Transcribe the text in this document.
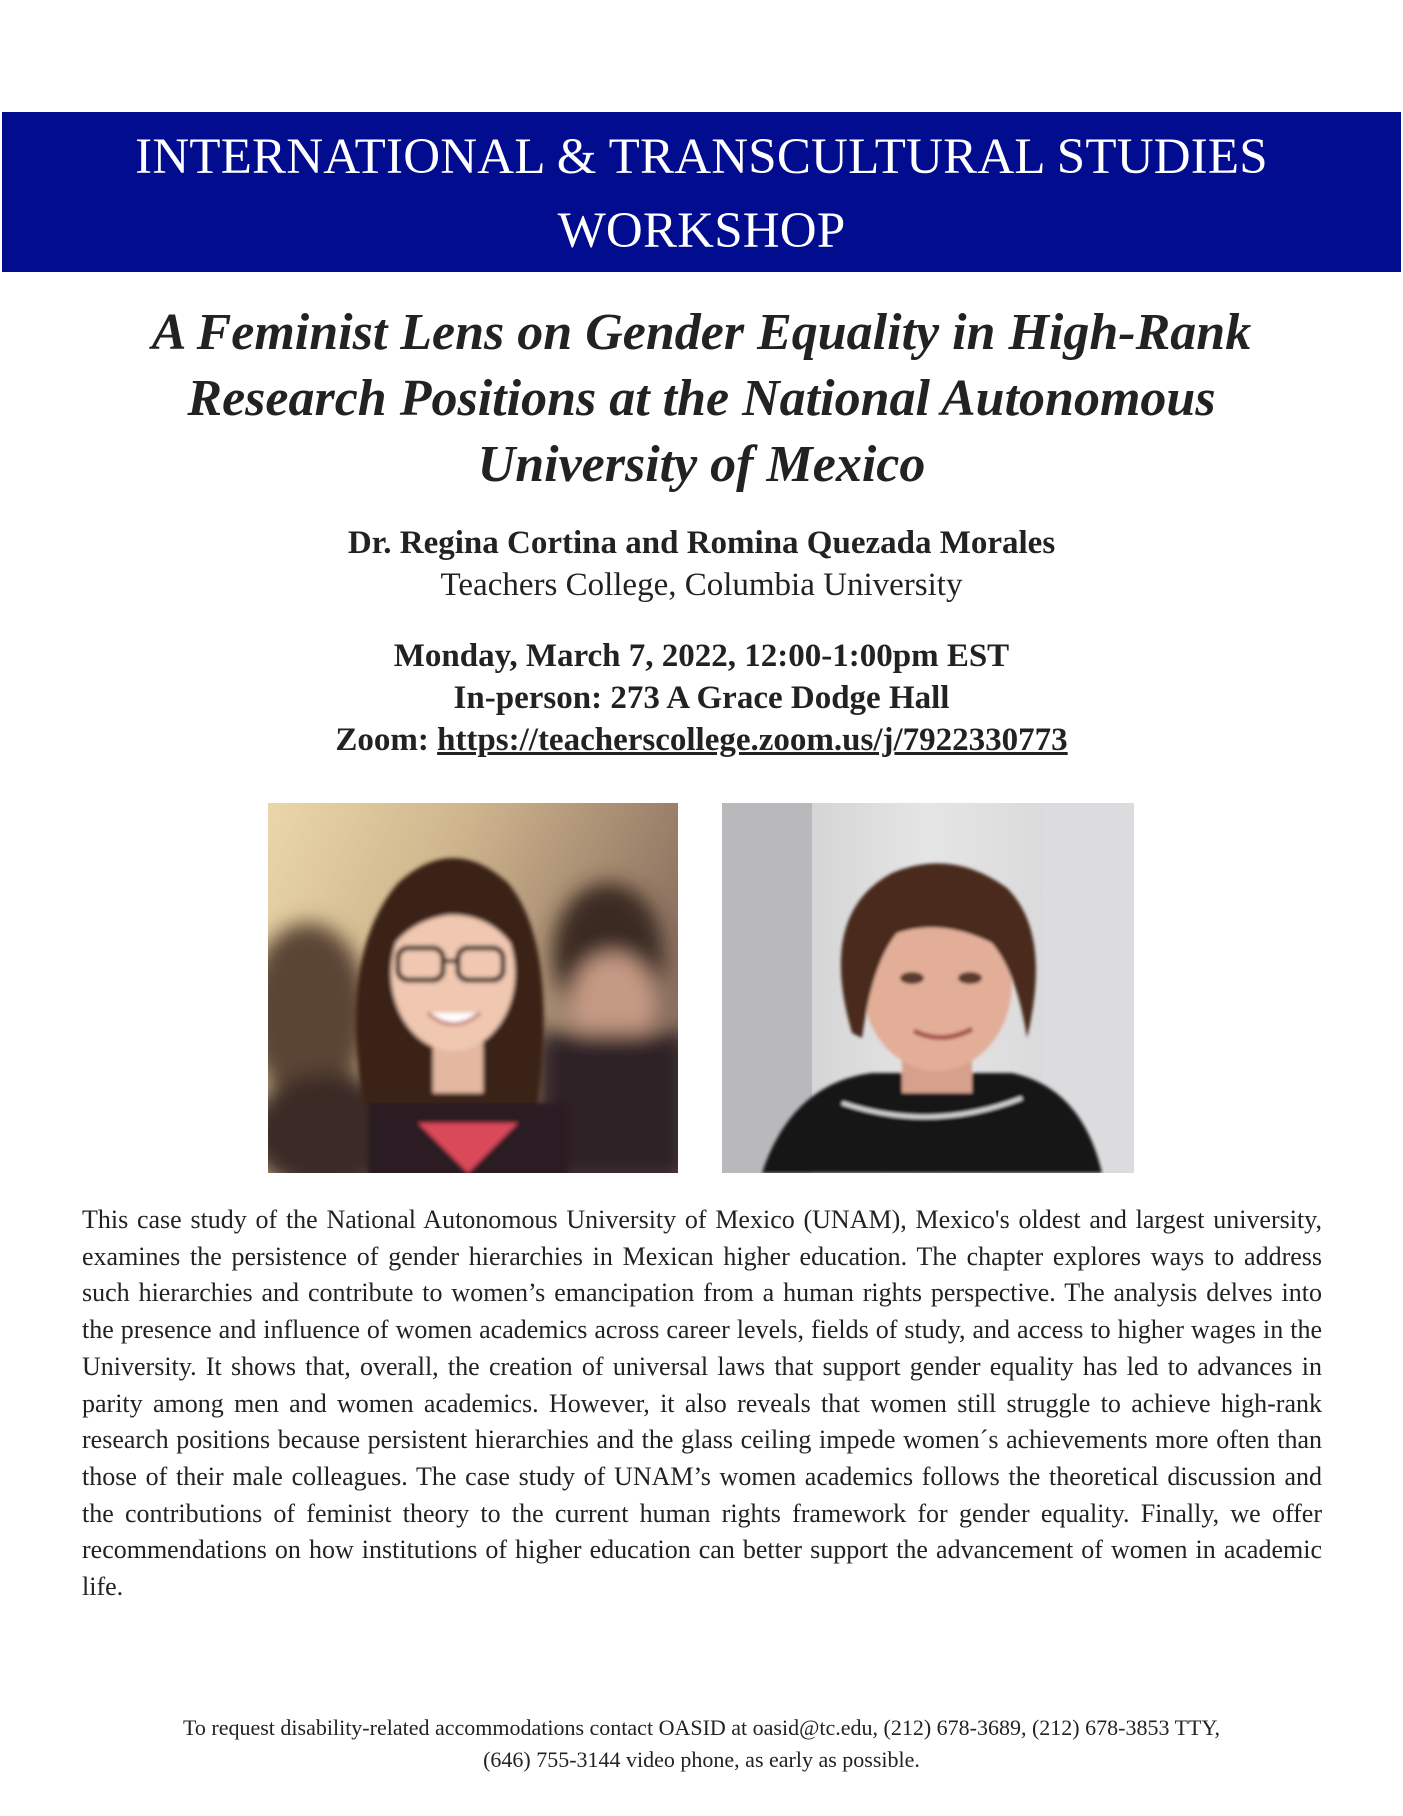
INTERNATIONAL & TRANSCULTURAL STUDIES
WORKSHOP
A Feminist Lens on Gender Equality in High-Rank
Research Positions at the National Autonomous
University of Mexico
Dr. Regina Cortina and Romina Quezada Morales
Teachers College, Columbia University
Monday, March 7, 2022, 12:00-1:00pm EST
In-person: 273 A Grace Dodge Hall
Zoom: https://teacherscollege.zoom.us/j/7922330773
This case study of the National Autonomous University of Mexico (UNAM), Mexico's oldest and largest university, examines the persistence of gender hierarchies in Mexican higher education. The chapter explores ways to address such hierarchies and contribute to women’s emancipation from a human rights perspective. The analysis delves into the presence and influence of women academics across career levels, fields of study, and access to higher wages in the University. It shows that, overall, the creation of universal laws that support gender equality has led to advances in parity among men and women academics. However, it also reveals that women still struggle to achieve high-rank research positions because persistent hierarchies and the glass ceiling impede women´s achievements more often than those of their male colleagues. The case study of UNAM’s women academics follows the theoretical discussion and the contributions of feminist theory to the current human rights framework for gender equality. Finally, we offer recommendations on how institutions of higher education can better support the advancement of women in academic life.
To request disability-related accommodations contact OASID at oasid@tc.edu, (212) 678-3689, (212) 678-3853 TTY,
(646) 755-3144 video phone, as early as possible.
